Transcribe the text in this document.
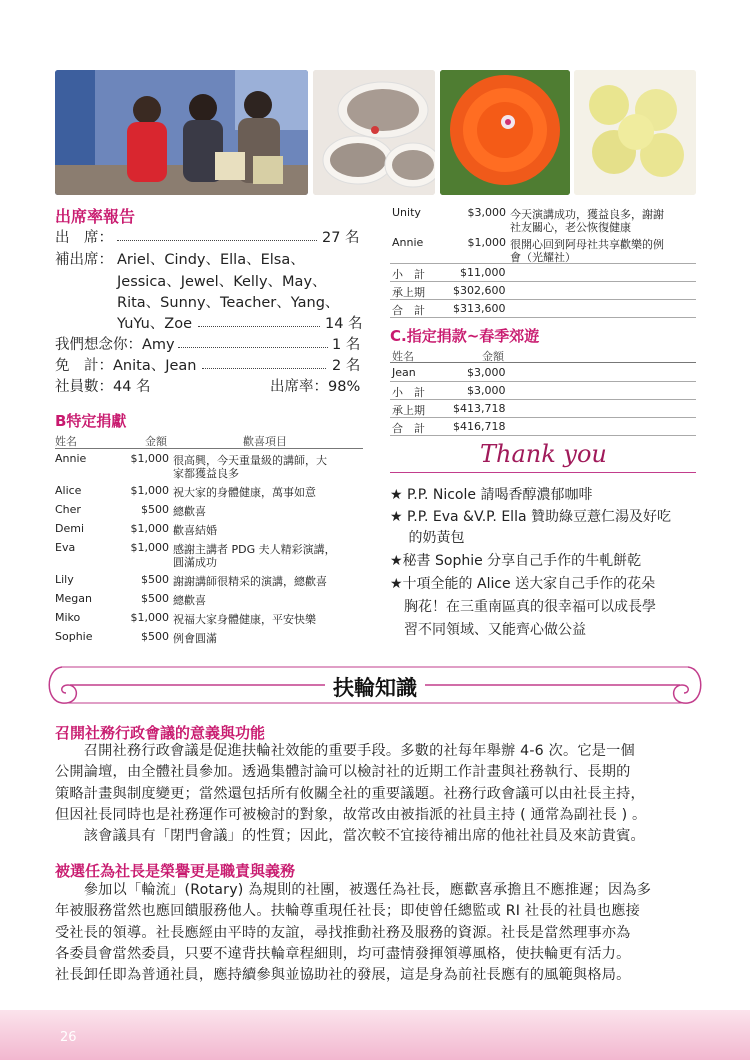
出席率報告
出　席：	27 名
補出席： Ariel、Cindy、Ella、Elsa、
Jessica、Jewel、Kelly、May、
Rita、Sunny、Teacher、Yang、
YuYu、Zoe	14 名
我們想念你：Amy	1 名
免　計：Anita、Jean	2 名
社員數：44 名	出席率：98%
B特定捐獻
姓名	金額	歡喜項目
Annie	$1,000 很高興，今天重量級的講師，大
家都獲益良多
Alice	$1,000 祝大家的身體健康，萬事如意
Cher	$500 總歡喜
Demi	$1,000 歡喜結婚
Eva	$1,000 感謝主講者 PDG 夫人精彩演講，
圓滿成功
Lily	$500 謝謝講師很精采的演講，總歡喜
Megan	$500 總歡喜
Miko	$1,000 祝福大家身體健康，平安快樂
Sophie	$500 例會圓滿
Unity	$3,000 今天演講成功，獲益良多，謝謝
社友關心，老公恢復健康
Annie	$1,000 很開心回到阿母社共享歡樂的例
會（光耀社）
小　計	$11,000
承上期	$302,600
合　計	$313,600
C.指定捐款~春季郊遊
姓名	金額
Jean	$3,000
小　計	$3,000
承上期	$413,718
合　計	$416,718
Thank you
★ P.P. Nicole 請喝香醇濃郁咖啡
★ P.P. Eva &V.P. Ella 贊助綠豆薏仁湯及好吃
　 的奶黃包
★秘書 Sophie 分享自己手作的牛軋餅乾
★十項全能的 Alice 送大家自己手作的花朵
　胸花！在三重南區真的很幸福可以成長學
　習不同領域、又能齊心做公益
扶輪知識
召開社務行政會議的意義與功能
　　召開社務行政會議是促進扶輪社效能的重要手段。多數的社每年舉辦 4-6 次。它是一個
公開論壇，由全體社員參加。透過集體討論可以檢討社的近期工作計畫與社務執行、長期的
策略計畫與制度變更；當然還包括所有攸關全社的重要議題。社務行政會議可以由社長主持，
但因社長同時也是社務運作可被檢討的對象，故常改由被指派的社員主持 ( 通常為副社長 ) 。
　　該會議具有「閉門會議」的性質；因此，當次較不宜接待補出席的他社社員及來訪貴賓。
被選任為社長是榮譽更是職責與義務
　　參加以「輪流」(Rotary) 為規則的社團，被選任為社長，應歡喜承擔且不應推遲；因為多
年被服務當然也應回饋服務他人。扶輪尊重現任社長；即使曾任總監或 RI 社長的社員也應接
受社長的領導。社長應經由平時的友誼，尋找推動社務及服務的資源。社長是當然理事亦為
各委員會當然委員，只要不違背扶輪章程細則，均可盡情發揮領導風格，使扶輪更有活力。
社長卸任即為普通社員，應持續參與並協助社的發展，這是身為前社長應有的風範與格局。
26
